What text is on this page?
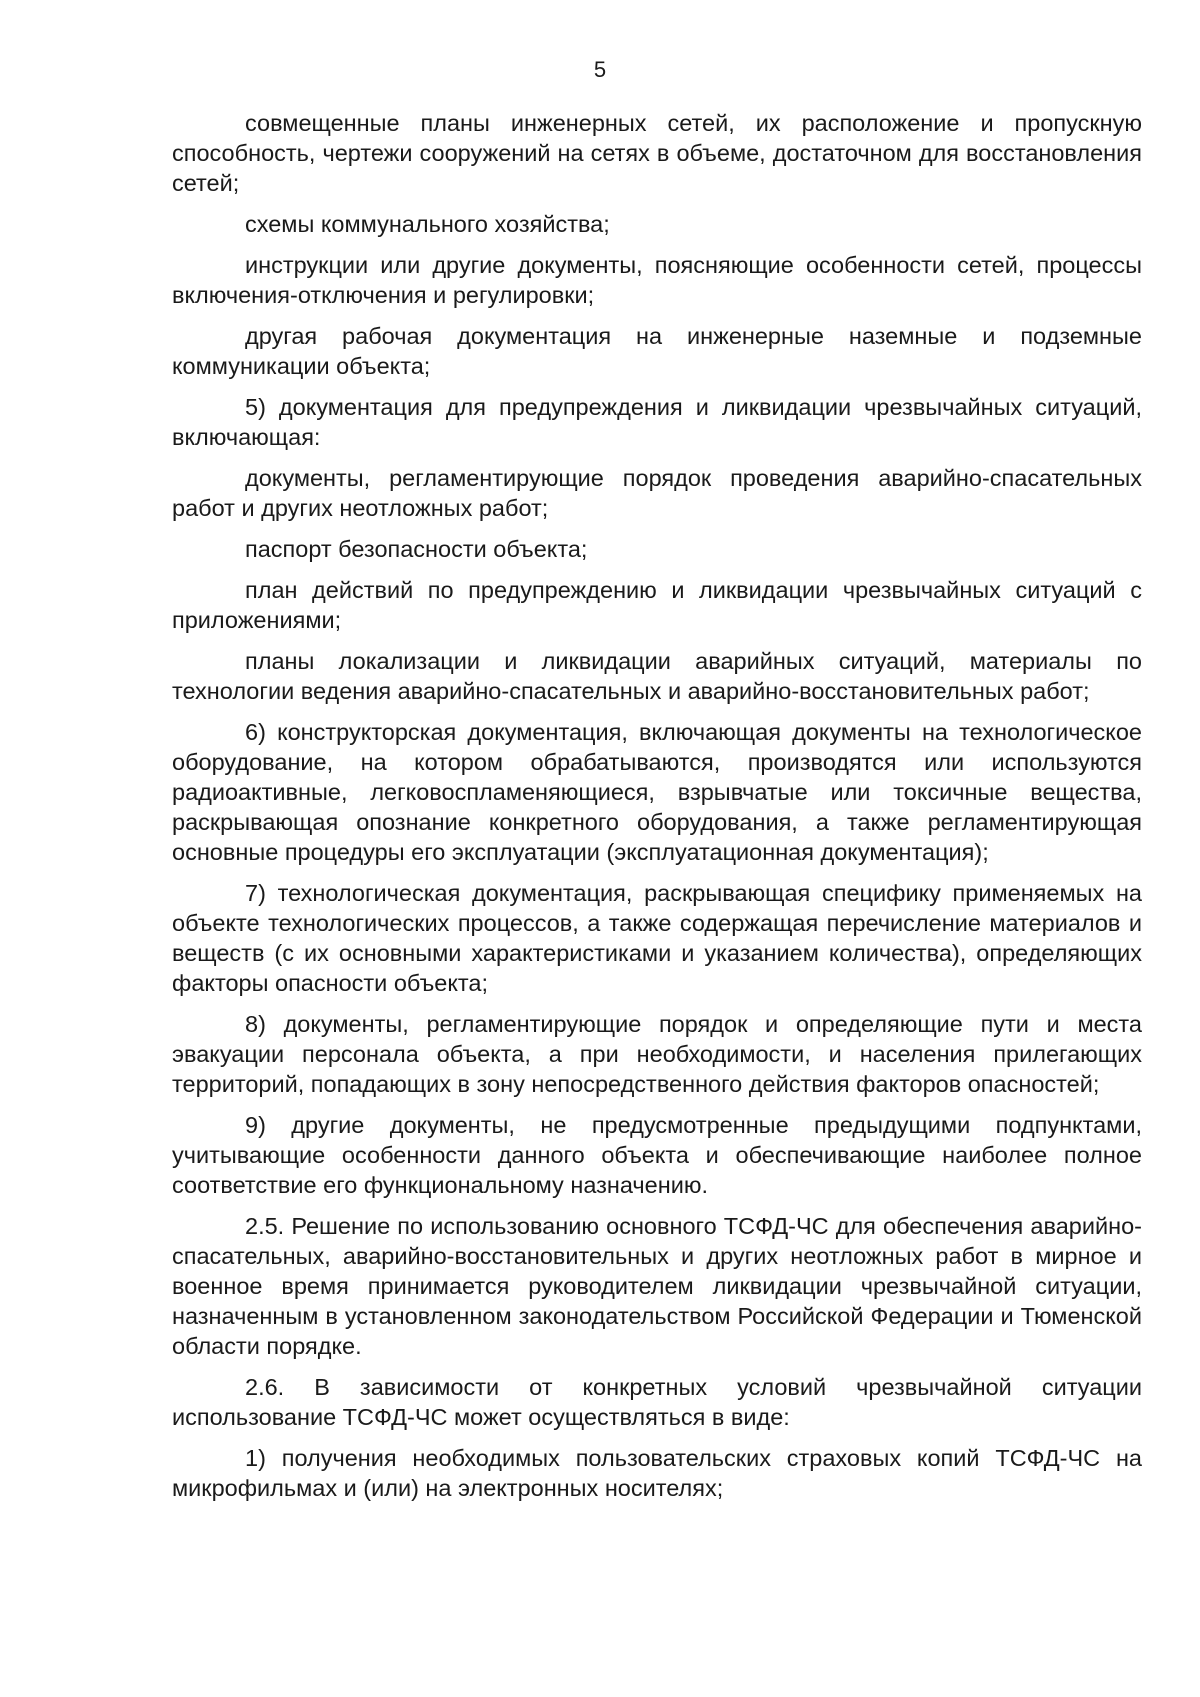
5

совмещенные планы инженерных сетей, их расположение и пропускную способность, чертежи сооружений на сетях в объеме, достаточном для восстановления сетей;

схемы коммунального хозяйства;

инструкции или другие документы, поясняющие особенности сетей, процессы включения-отключения и регулировки;

другая рабочая документация на инженерные наземные и подземные коммуникации объекта;

5) документация для предупреждения и ликвидации чрезвычайных ситуаций, включающая:

документы, регламентирующие порядок проведения аварийно-спасательных работ и других неотложных работ;

паспорт безопасности объекта;

план действий по предупреждению и ликвидации чрезвычайных ситуаций с приложениями;

планы локализации и ликвидации аварийных ситуаций, материалы по технологии ведения аварийно-спасательных и аварийно-восстановительных работ;

6) конструкторская документация, включающая документы на технологическое оборудование, на котором обрабатываются, производятся или используются радиоактивные, легковоспламеняющиеся, взрывчатые или токсичные вещества, раскрывающая опознание конкретного оборудования, а также регламентирующая основные процедуры его эксплуатации (эксплуатационная документация);

7) технологическая документация, раскрывающая специфику применяемых на объекте технологических процессов, а также содержащая перечисление материалов и веществ (с их основными характеристиками и указанием количества), определяющих факторы опасности объекта;

8) документы, регламентирующие порядок и определяющие пути и места эвакуации персонала объекта, а при необходимости, и населения прилегающих территорий, попадающих в зону непосредственного действия факторов опасностей;

9) другие документы, не предусмотренные предыдущими подпунктами, учитывающие особенности данного объекта и обеспечивающие наиболее полное соответствие его функциональному назначению.

2.5. Решение по использованию основного ТСФД-ЧС для обеспечения аварийно-спасательных, аварийно-восстановительных и других неотложных работ в мирное и военное время принимается руководителем ликвидации чрезвычайной ситуации, назначенным в установленном законодательством Российской Федерации и Тюменской области порядке.

2.6. В зависимости от конкретных условий чрезвычайной ситуации использование ТСФД-ЧС может осуществляться в виде:

1) получения необходимых пользовательских страховых копий ТСФД-ЧС на микрофильмах и (или) на электронных носителях;
